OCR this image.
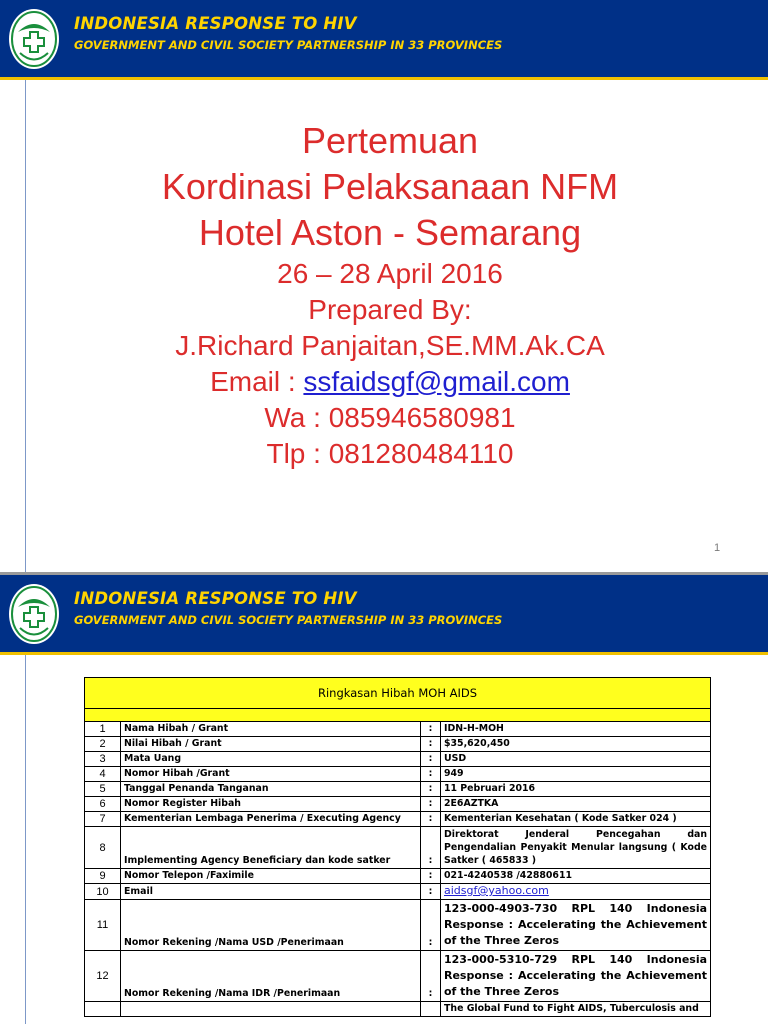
INDONESIA RESPONSE TO HIV
GOVERNMENT AND CIVIL SOCIETY PARTNERSHIP IN 33 PROVINCES
Pertemuan
Kordinasi Pelaksanaan NFM
Hotel Aston - Semarang
26 – 28 April 2016
Prepared By:
J.Richard Panjaitan,SE.MM.Ak.CA
Email : ssfaidsgf@gmail.com
Wa : 085946580981
Tlp : 081280484110
1
INDONESIA RESPONSE TO HIV
GOVERNMENT AND CIVIL SOCIETY PARTNERSHIP IN 33 PROVINCES
Ringkasan Hibah MOH AIDS			

1	Nama Hibah / Grant	:	IDN-H-MOH
2	Nilai Hibah / Grant	:	$35,620,450
3	Mata Uang	:	USD
4	Nomor Hibah /Grant	:	949
5	Tanggal Penanda Tanganan	:	11 Pebruari 2016
6	Nomor Register Hibah	:	2E6AZTKA
7	Kementerian Lembaga Penerima / Executing Agency	:	Kementerian Kesehatan ( Kode Satker 024 )
8	Implementing Agency Beneficiary dan kode satker	:	Direktorat Jenderal Pencegahan dan Pengendalian Penyakit Menular langsung ( Kode Satker ( 465833 )
9	Nomor Telepon /Faximile	:	021-4240538 /42880611
10	Email	:	aidsgf@yahoo.com
11	Nomor Rekening /Nama USD /Penerimaan	:	123-000-4903-730 RPL 140 Indonesia Response : Accelerating the Achievement of the Three Zeros
12	Nomor Rekening /Nama IDR /Penerimaan	:	123-000-5310-729 RPL 140 Indonesia Response : Accelerating the Achievement of the Three Zeros
			The Global Fund to Fight AIDS, Tuberculosis and
